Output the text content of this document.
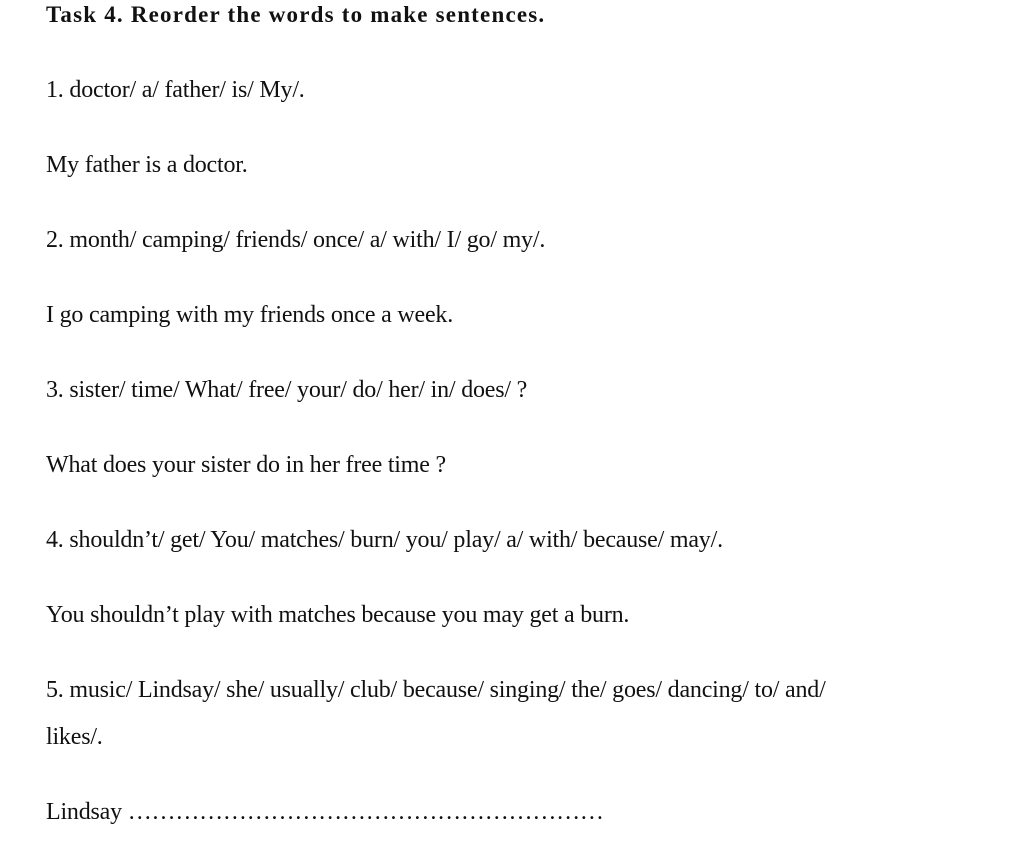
Task 4. Reorder the words to make sentences.
1. doctor/ a/ father/ is/ My/.
My father is a doctor.
2. month/ camping/ friends/ once/ a/ with/ I/ go/ my/.
I go camping with my friends once a week.
3. sister/ time/ What/ free/ your/ do/ her/ in/ does/ ?
What does your sister do in her free time ?
4. shouldn’t/ get/ You/ matches/ burn/ you/ play/ a/ with/ because/ may/.
You shouldn’t play with matches because you may get a burn.
5. music/ Lindsay/ she/ usually/ club/ because/ singing/ the/ goes/ dancing/ to/ and/
likes/.
Lindsay ……………………………………………………
